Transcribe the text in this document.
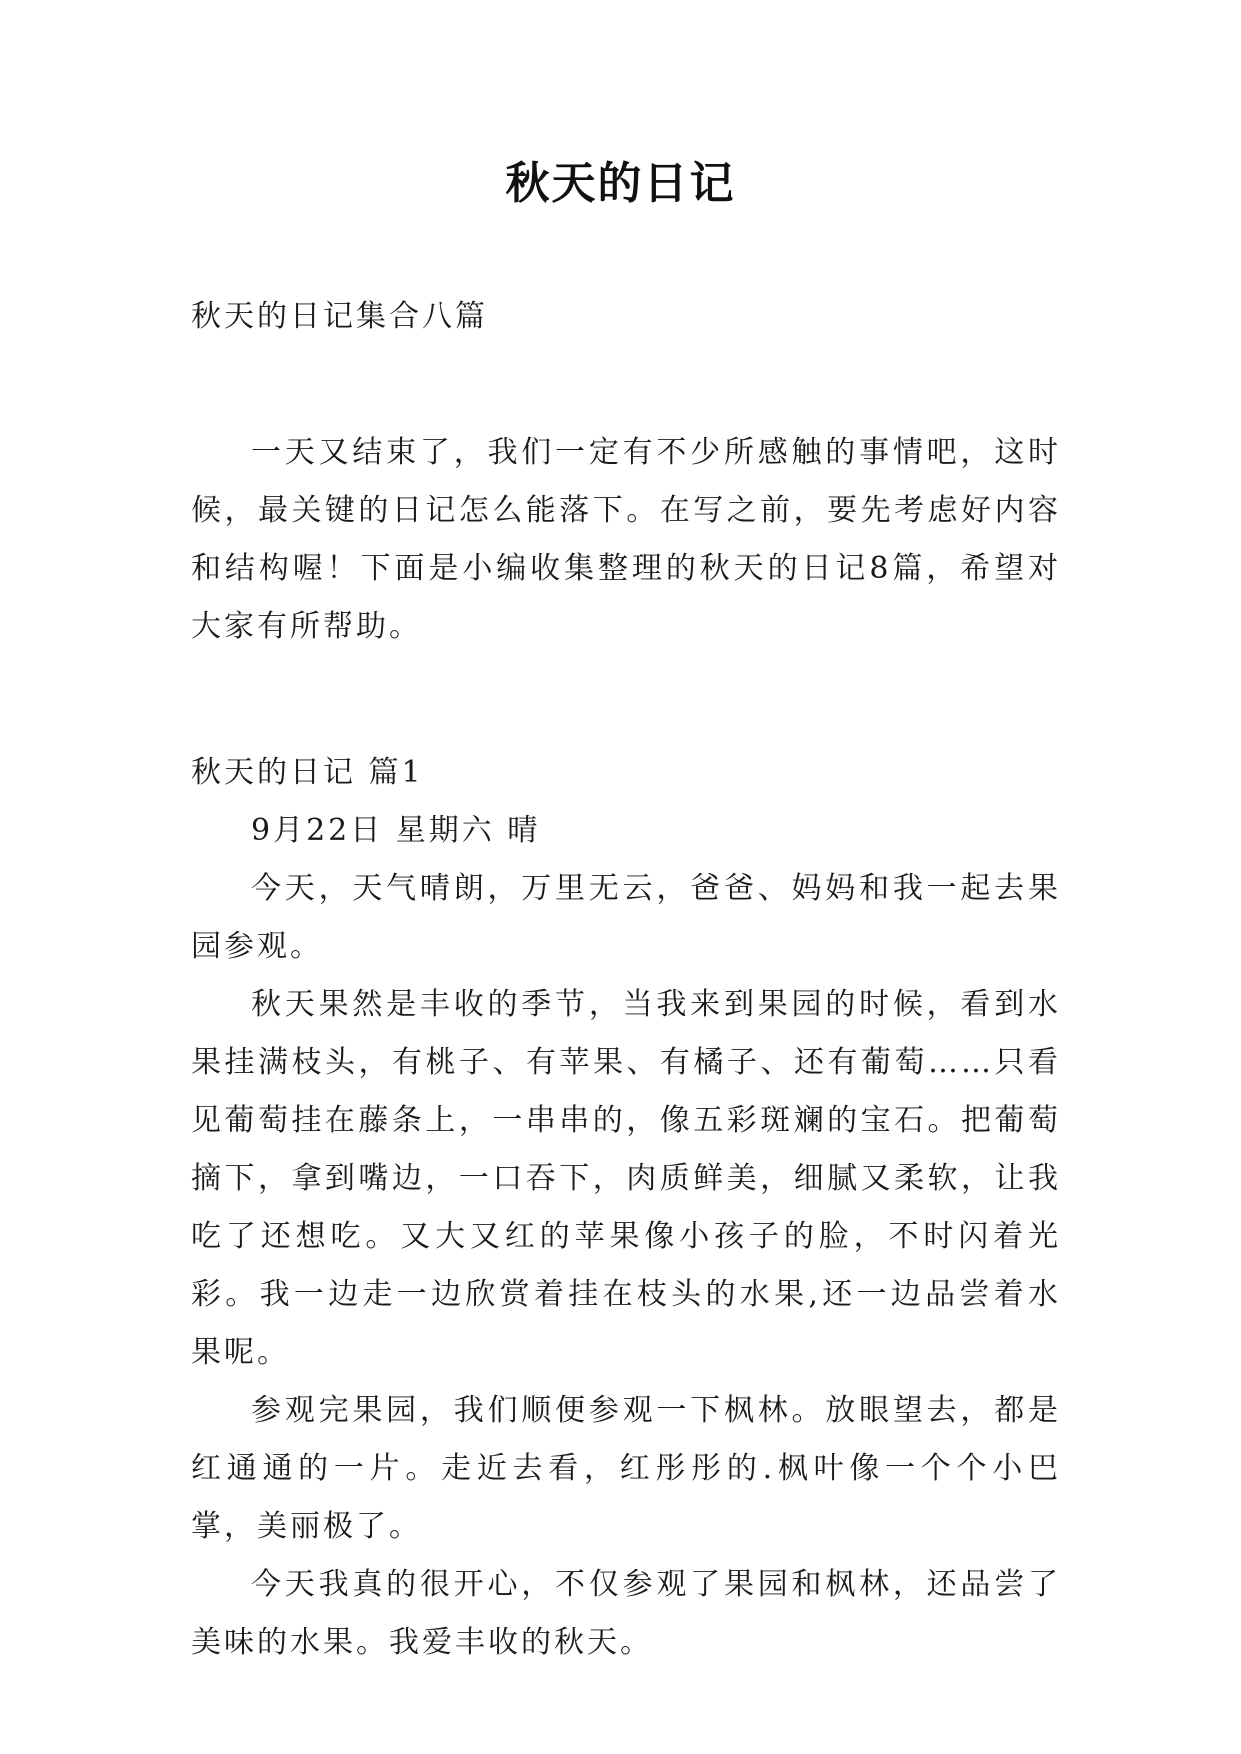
秋天的日记
秋天的日记集合八篇

一天又结束了，我们一定有不少所感触的事情吧，这时候，最关键的日记怎么能落下。在写之前，要先考虑好内容和结构喔！下面是小编收集整理的秋天的日记8篇，希望对大家有所帮助。

秋天的日记 篇1

9月22日 星期六 晴

今天，天气晴朗，万里无云，爸爸、妈妈和我一起去果园参观。

秋天果然是丰收的季节，当我来到果园的时候，看到水果挂满枝头，有桃子、有苹果、有橘子、还有葡萄……只看见葡萄挂在藤条上，一串串的，像五彩斑斓的宝石。把葡萄摘下，拿到嘴边，一口吞下，肉质鲜美，细腻又柔软，让我吃了还想吃。又大又红的苹果像小孩子的脸，不时闪着光彩。我一边走一边欣赏着挂在枝头的水果,还一边品尝着水果呢。

参观完果园，我们顺便参观一下枫林。放眼望去，都是红通通的一片。走近去看，红彤彤的.枫叶像一个个小巴掌，美丽极了。

今天我真的很开心，不仅参观了果园和枫林，还品尝了美味的水果。我爱丰收的秋天。
